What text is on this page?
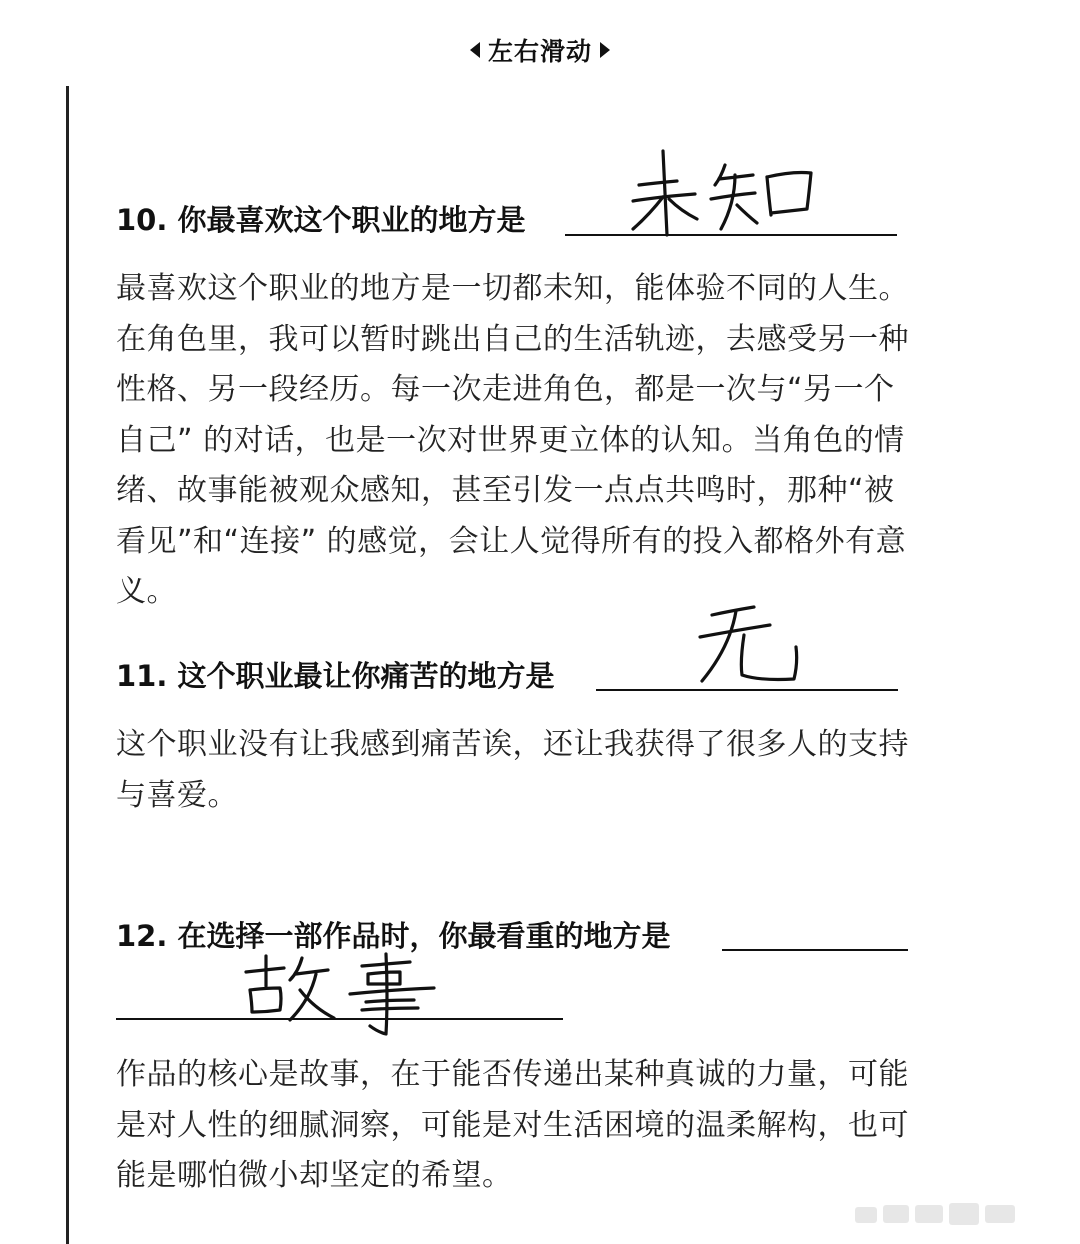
左右滑动
10. 你最喜欢这个职业的地方是

最喜欢这个职业的地方是一切都未知，能体验不同的人生。在角色里，我可以暂时跳出自己的生活轨迹，去感受另一种性格、另一段经历。每一次走进角色，都是一次与“另一个自己” 的对话，也是一次对世界更立体的认知。当角色的情绪、故事能被观众感知，甚至引发一点点共鸣时，那种“被看见”和“连接” 的感觉，会让人觉得所有的投入都格外有意义。

11. 这个职业最让你痛苦的地方是

这个职业没有让我感到痛苦诶，还让我获得了很多人的支持与喜爱。

12. 在选择一部作品时，你最看重的地方是

作品的核心是故事，在于能否传递出某种真诚的力量，可能是对人性的细腻洞察，可能是对生活困境的温柔解构，也可能是哪怕微小却坚定的希望。
